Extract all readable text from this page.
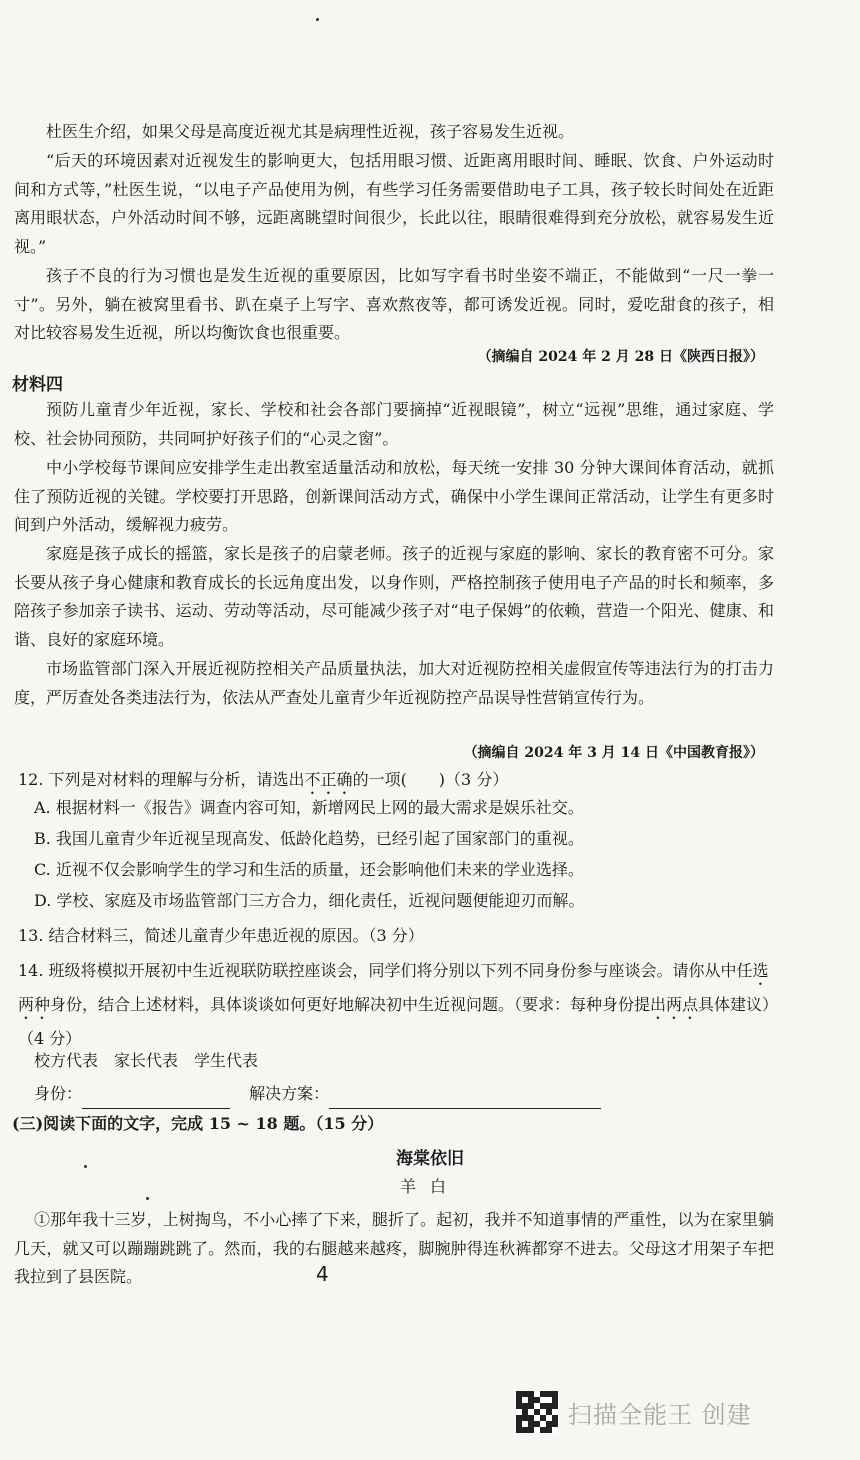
杜医生介绍，如果父母是高度近视尤其是病理性近视，孩子容易发生近视。

“后天的环境因素对近视发生的影响更大，包括用眼习惯、近距离用眼时间、睡眠、饮食、户外运动时间和方式等，”杜医生说，“以电子产品使用为例，有些学习任务需要借助电子工具，孩子较长时间处在近距离用眼状态，户外活动时间不够，远距离眺望时间很少，长此以往，眼睛很难得到充分放松，就容易发生近视。”

孩子不良的行为习惯也是发生近视的重要原因，比如写字看书时坐姿不端正，不能做到“一尺一拳一寸”。另外，躺在被窝里看书、趴在桌子上写字、喜欢熬夜等，都可诱发近视。同时，爱吃甜食的孩子，相对比较容易发生近视，所以均衡饮食也很重要。

（摘编自 2024 年 2 月 28 日《陕西日报》）
材料四

预防儿童青少年近视，家长、学校和社会各部门要摘掉“近视眼镜”，树立“远视”思维，通过家庭、学校、社会协同预防，共同呵护好孩子们的“心灵之窗”。

中小学校每节课间应安排学生走出教室适量活动和放松，每天统一安排 30 分钟大课间体育活动，就抓住了预防近视的关键。学校要打开思路，创新课间活动方式，确保中小学生课间正常活动，让学生有更多时间到户外活动，缓解视力疲劳。

家庭是孩子成长的摇篮，家长是孩子的启蒙老师。孩子的近视与家庭的影响、家长的教育密不可分。家长要从孩子身心健康和教育成长的长远角度出发，以身作则，严格控制孩子使用电子产品的时长和频率，多陪孩子参加亲子读书、运动、劳动等活动，尽可能减少孩子对“电子保姆”的依赖，营造一个阳光、健康、和谐、良好的家庭环境。

市场监管部门深入开展近视防控相关产品质量执法，加大对近视防控相关虚假宣传等违法行为的打击力度，严厉查处各类违法行为，依法从严查处儿童青少年近视防控产品误导性营销宣传行为。

（摘编自 2024 年 3 月 14 日《中国教育报》）

12. 下列是对材料的理解与分析，请选出不正确的一项(　　)（3 分）

A. 根据材料一《报告》调查内容可知，新增网民上网的最大需求是娱乐社交。
B. 我国儿童青少年近视呈现高发、低龄化趋势，已经引起了国家部门的重视。
C. 近视不仅会影响学生的学习和生活的质量，还会影响他们未来的学业选择。
D. 学校、家庭及市场监管部门三方合力，细化责任，近视问题便能迎刃而解。

13. 结合材料三，简述儿童青少年患近视的原因。（3 分）

14. 班级将模拟开展初中生近视联防联控座谈会，同学们将分别以下列不同身份参与座谈会。请你从中任选两种身份，结合上述材料，具体谈谈如何更好地解决初中生近视问题。（要求：每种身份提出两点具体建议）（4 分）

校方代表　家长代表　学生代表
身份：	解决方案：
(三)阅读下面的文字，完成 15 ~ 18 题。（15 分）
海棠依旧
羊白

①那年我十三岁，上树掏鸟，不小心摔了下来，腿折了。起初，我并不知道事情的严重性，以为在家里躺几天，就又可以蹦蹦跳跳了。然而，我的右腿越来越疼，脚腕肿得连秋裤都穿不进去。父母这才用架子车把我拉到了县医院。	4
扫描全能王 创建
